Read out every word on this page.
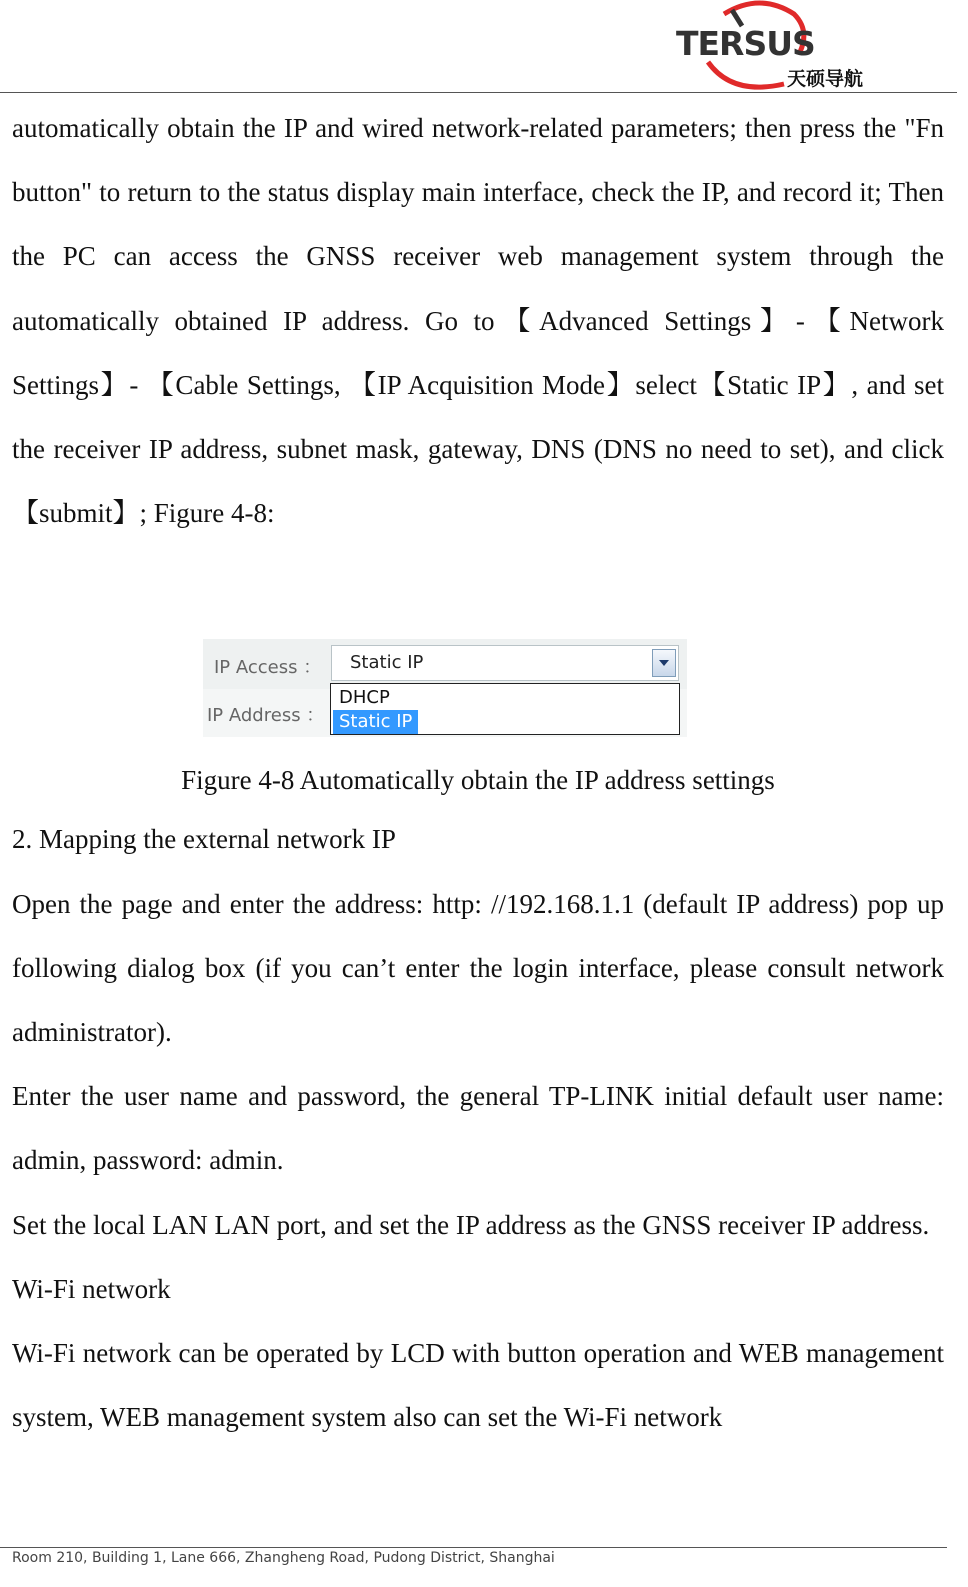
TERSUS
天硕导航

automatically obtain the IP and wired network-related parameters; then press the "Fn button" to return to the status display main interface, check the IP, and record it; Then the PC can access the GNSS receiver web management system through the automatically obtained IP address. Go to【Advanced Settings】-【Network Settings】- 【Cable Settings, 【IP Acquisition Mode】select【Static IP】, and set the receiver IP address, subnet mask, gateway, DNS (DNS no need to set), and click【submit】; Figure 4-8:

IP Access ： Static IP
IP Address ：
DHCP
Static IP
Figure 4-8 Automatically obtain the IP address settings

2. Mapping the external network IP

Open the page and enter the address: http: //192.168.1.1 (default IP address) pop up following dialog box (if you can’t enter the login interface, please consult network administrator).

Enter the user name and password, the general TP-LINK initial default user name: admin, password: admin.

Set the local LAN LAN port, and set the IP address as the GNSS receiver IP address.

Wi-Fi network

Wi-Fi network can be operated by LCD with button operation and WEB management system, WEB management system also can set the Wi-Fi network

Room 210, Building 1, Lane 666, Zhangheng Road, Pudong District, Shanghai
